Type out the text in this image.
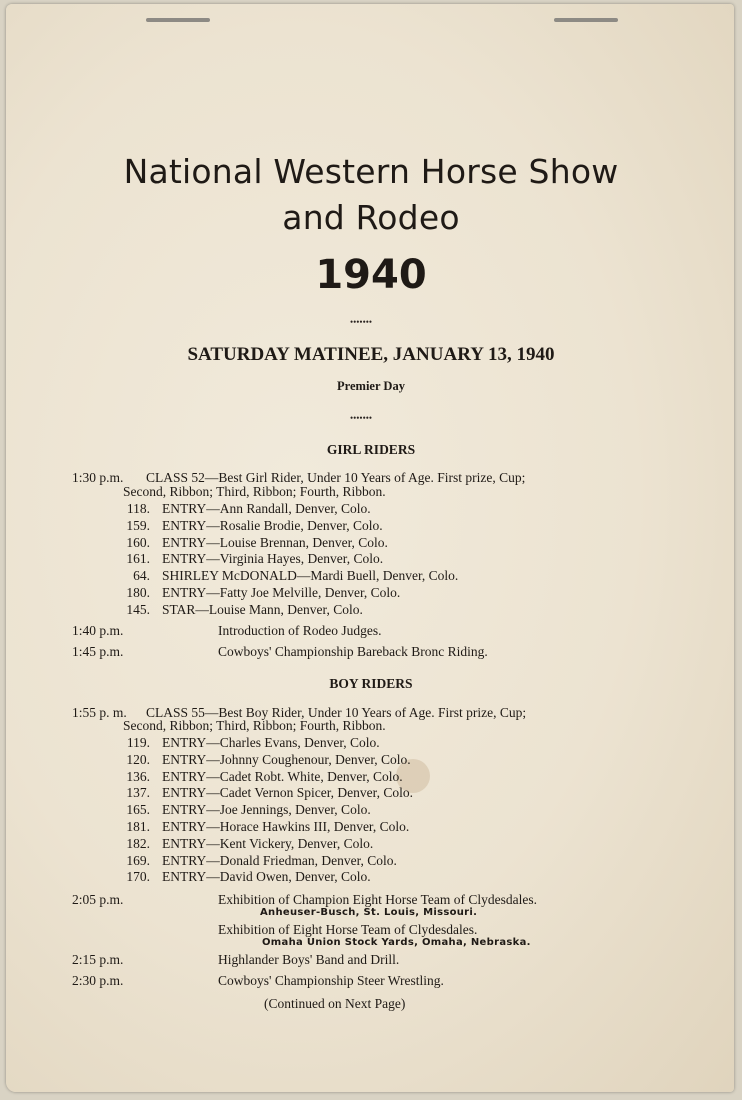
National Western Horse Show
and Rodeo
1940
•••••••
SATURDAY MATINEE, JANUARY 13, 1940
Premier Day
•••••••
GIRL RIDERS
1:30 p.m. CLASS 52—Best Girl Rider, Under 10 Years of Age. First prize, Cup;
Second, Ribbon; Third, Ribbon; Fourth, Ribbon.
118. ENTRY—Ann Randall, Denver, Colo.
159. ENTRY—Rosalie Brodie, Denver, Colo.
160. ENTRY—Louise Brennan, Denver, Colo.
161. ENTRY—Virginia Hayes, Denver, Colo.
64. SHIRLEY McDONALD—Mardi Buell, Denver, Colo.
180. ENTRY—Fatty Joe Melville, Denver, Colo.
145. STAR—Louise Mann, Denver, Colo.
1:40 p.m.	Introduction of Rodeo Judges.
1:45 p.m.	Cowboys' Championship Bareback Bronc Riding.
BOY RIDERS
1:55 p. m. CLASS 55—Best Boy Rider, Under 10 Years of Age. First prize, Cup;
Second, Ribbon; Third, Ribbon; Fourth, Ribbon.
119. ENTRY—Charles Evans, Denver, Colo.
120. ENTRY—Johnny Coughenour, Denver, Colo.
136. ENTRY—Cadet Robt. White, Denver, Colo.
137. ENTRY—Cadet Vernon Spicer, Denver, Colo.
165. ENTRY—Joe Jennings, Denver, Colo.
181. ENTRY—Horace Hawkins III, Denver, Colo.
182. ENTRY—Kent Vickery, Denver, Colo.
169. ENTRY—Donald Friedman, Denver, Colo.
170. ENTRY—David Owen, Denver, Colo.
2:05 p.m.	Exhibition of Champion Eight Horse Team of Clydesdales.
Anheuser-Busch, St. Louis, Missouri.
Exhibition of Eight Horse Team of Clydesdales.
Omaha Union Stock Yards, Omaha, Nebraska.
2:15 p.m.	Highlander Boys' Band and Drill.
2:30 p.m.	Cowboys' Championship Steer Wrestling.
(Continued on Next Page)
